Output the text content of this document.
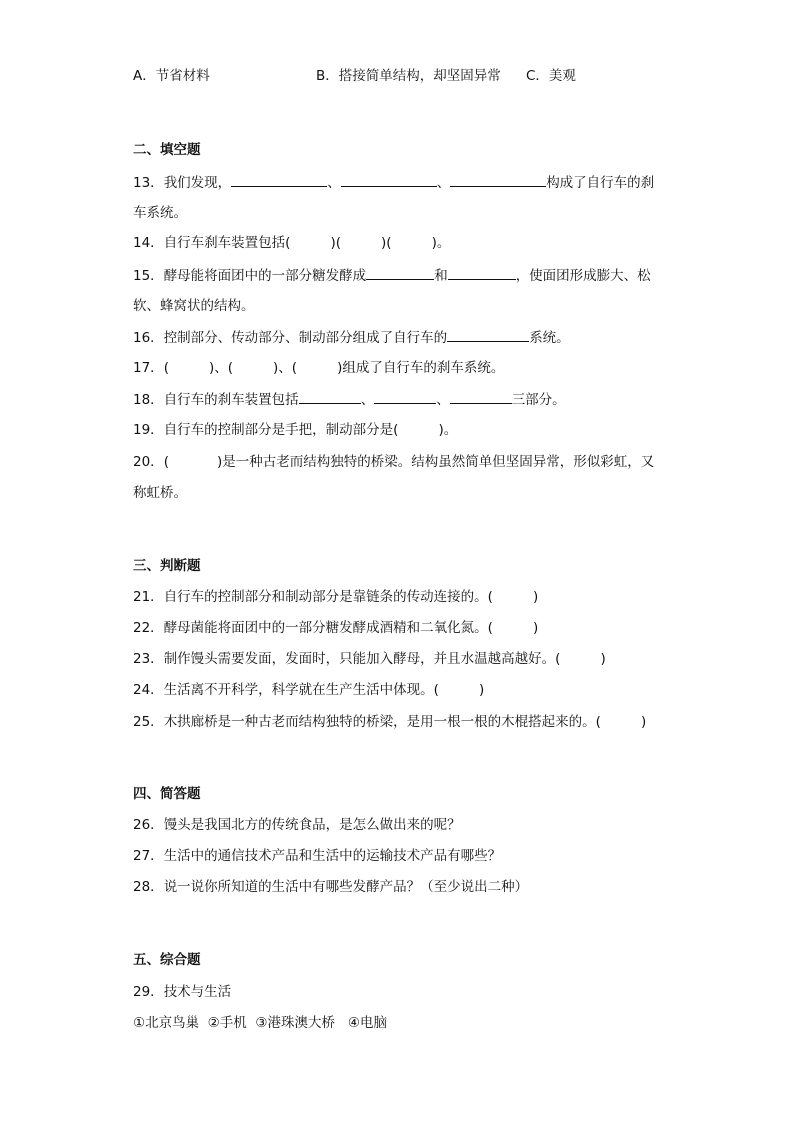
A．节省材料	B．搭接简单结构，却坚固异常 C．美观
二、填空题
13．我们发现，	、	、	构成了自行车的刹
车系统。
14．自行车刹车装置包括(	)(	)(	)。
15．酵母能将面团中的一部分糖发酵成	和	，使面团形成膨大、松
软、蜂窝状的结构。
16．控制部分、传动部分、制动部分组成了自行车的	系统。
17．(	)、(	)、(	)组成了自行车的刹车系统。
18．自行车的刹车装置包括	、	、	三部分。
19．自行车的控制部分是手把，制动部分是(	)。
20．(	)是一种古老而结构独特的桥梁。结构虽然简单但坚固异常，形似彩虹，又
称虹桥。
三、判断题
21．自行车的控制部分和制动部分是靠链条的传动连接的。(	)
22．酵母菌能将面团中的一部分糖发酵成酒精和二氧化氮。(	)
23．制作馒头需要发面，发面时，只能加入酵母，并且水温越高越好。(	)
24．生活离不开科学，科学就在生产生活中体现。(	)
25．木拱廊桥是一种古老而结构独特的桥梁，是用一根一根的木棍搭起来的。(	)
四、简答题
26．馒头是我国北方的传统食品，是怎么做出来的呢？
27．生活中的通信技术产品和生活中的运输技术产品有哪些？
28．说一说你所知道的生活中有哪些发酵产品？（至少说出二种）
五、综合题
29．技术与生活
①北京鸟巢  ②手机  ③港珠澳大桥   ④电脑
